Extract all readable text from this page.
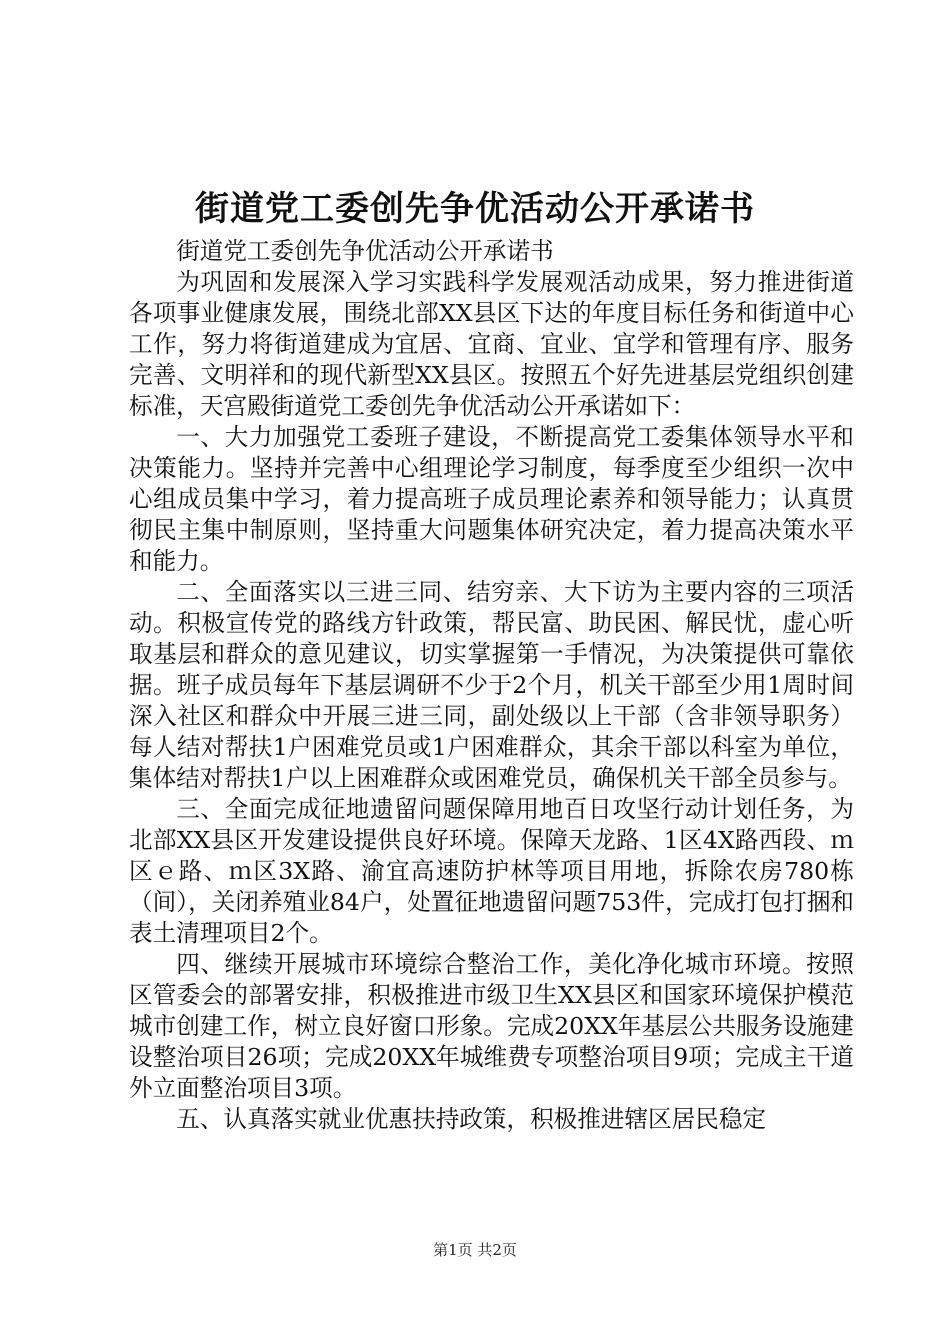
街道党工委创先争优活动公开承诺书

街道党工委创先争优活动公开承诺书

为巩固和发展深入学习实践科学发展观活动成果，努力推进街道各项事业健康发展，围绕北部XX县区下达的年度目标任务和街道中心工作，努力将街道建成为宜居、宜商、宜业、宜学和管理有序、服务完善、文明祥和的现代新型XX县区。按照五个好先进基层党组织创建标准，天宫殿街道党工委创先争优活动公开承诺如下：

一、大力加强党工委班子建设，不断提高党工委集体领导水平和决策能力。坚持并完善中心组理论学习制度，每季度至少组织一次中心组成员集中学习，着力提高班子成员理论素养和领导能力；认真贯彻民主集中制原则，坚持重大问题集体研究决定，着力提高决策水平和能力。

二、全面落实以三进三同、结穷亲、大下访为主要内容的三项活动。积极宣传党的路线方针政策，帮民富、助民困、解民忧，虚心听取基层和群众的意见建议，切实掌握第一手情况，为决策提供可靠依据。班子成员每年下基层调研不少于2个月，机关干部至少用1周时间深入社区和群众中开展三进三同，副处级以上干部（含非领导职务）每人结对帮扶1户困难党员或1户困难群众，其余干部以科室为单位，集体结对帮扶1户以上困难群众或困难党员，确保机关干部全员参与。

三、全面完成征地遗留问题保障用地百日攻坚行动计划任务，为北部XX县区开发建设提供良好环境。保障天龙路、1区4X路西段、ｍ区ｅ路、ｍ区3X路、渝宜高速防护林等项目用地，拆除农房780栋（间），关闭养殖业84户，处置征地遗留问题753件，完成打包打捆和表土清理项目2个。

四、继续开展城市环境综合整治工作，美化净化城市环境。按照区管委会的部署安排，积极推进市级卫生XX县区和国家环境保护模范城市创建工作，树立良好窗口形象。完成20XX年基层公共服务设施建设整治项目26项；完成20XX年城维费专项整治项目9项；完成主干道外立面整治项目3项。

五、认真落实就业优惠扶持政策，积极推进辖区居民稳定

第1页 共2页
